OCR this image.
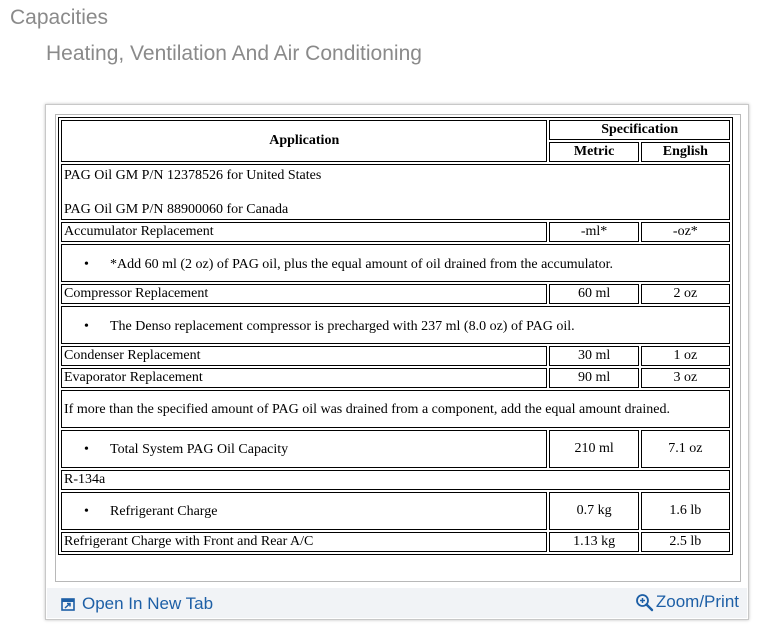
Capacities
Heating, Ventilation And Air Conditioning
Application	Specification	
	Metric	English

PAG Oil GM P/N 12378526 for United States
PAG Oil GM P/N 88900060 for Canada		

Accumulator Replacement	-ml*	-oz*

• *Add 60 ml (2 oz) of PAG oil, plus the equal amount of oil drained from the accumulator.		

Compressor Replacement	60 ml	2 oz

• The Denso replacement compressor is precharged with 237 ml (8.0 oz) of PAG oil.		

Condenser Replacement	30 ml	1 oz
Evaporator Replacement	90 ml	3 oz
If more than the specified amount of PAG oil was drained from a component, add the equal amount drained.		

• Total System PAG Oil Capacity	210 ml	7.1 oz
R-134a		

• Refrigerant Charge	0.7 kg	1.6 lb
Refrigerant Charge with Front and Rear A/C	1.13 kg	2.5 lb
Open In New Tab	Zoom/Print
